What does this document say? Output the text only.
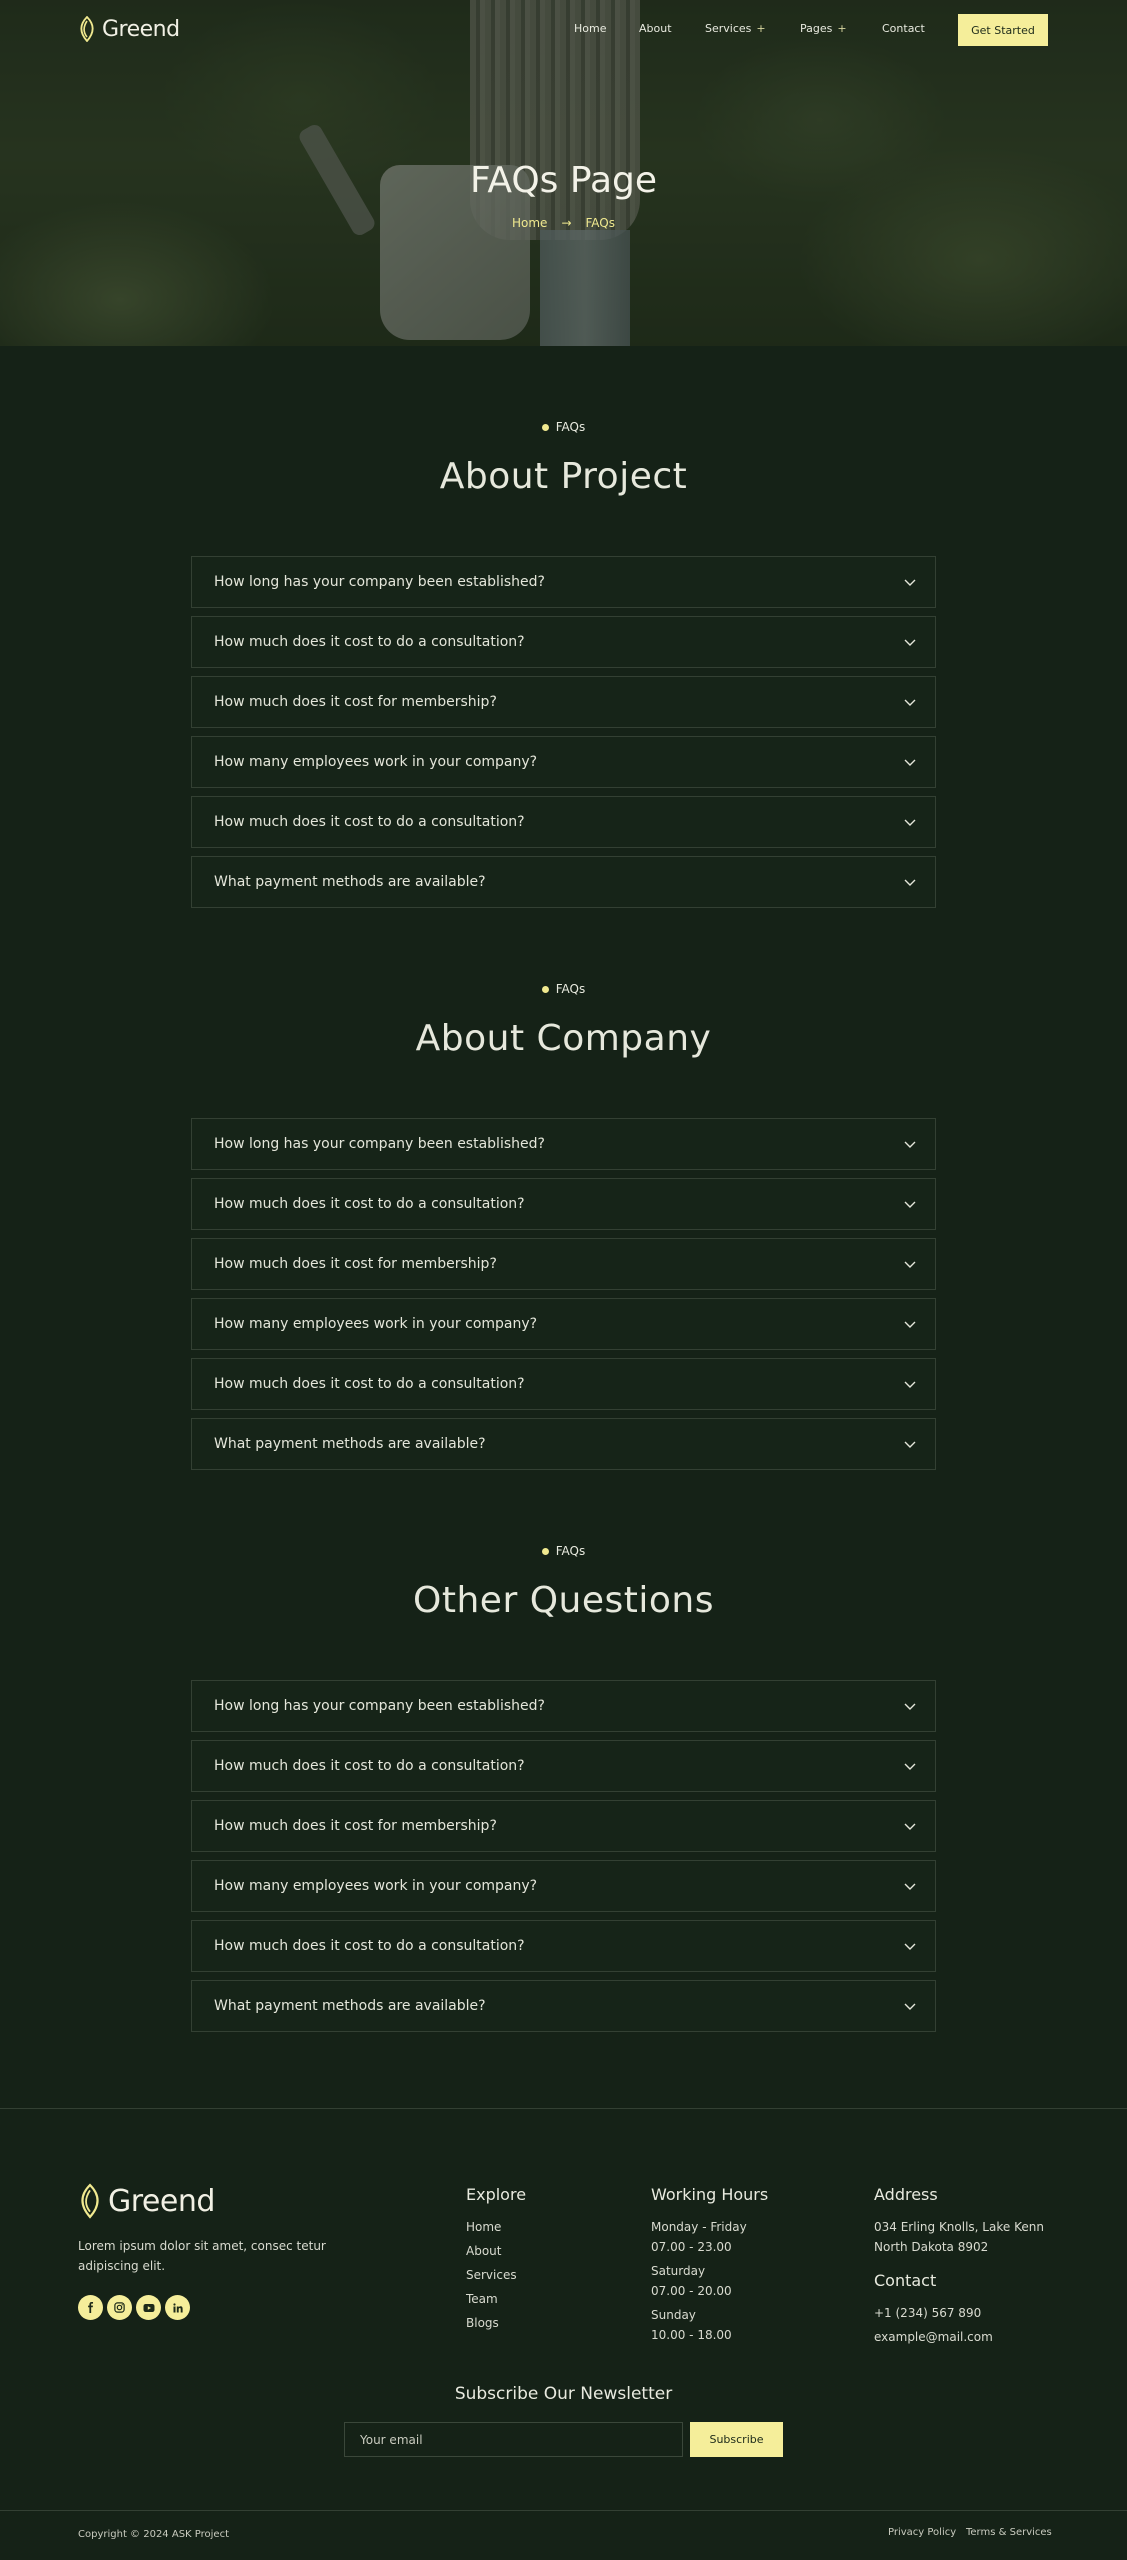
Greend	Home	About	Services +	Pages +	Contact	Get Started
FAQs Page
Home → FAQs
FAQs
About Project
How long has your company been established?
How much does it cost to do a consultation?
How much does it cost for membership?
How many employees work in your company?
How much does it cost to do a consultation?
What payment methods are available?
FAQs
About Company
How long has your company been established?
How much does it cost to do a consultation?
How much does it cost for membership?
How many employees work in your company?
How much does it cost to do a consultation?
What payment methods are available?
FAQs
Other Questions
How long has your company been established?
How much does it cost to do a consultation?
How much does it cost for membership?
How many employees work in your company?
How much does it cost to do a consultation?
What payment methods are available?
Greend

Lorem ipsum dolor sit amet, consec tetur adipiscing elit.

Explore
Home
About
Services
Team
Blogs
Working Hours
Monday - Friday
07.00 - 23.00
Saturday
07.00 - 20.00
Sunday
10.00 - 18.00
Address
034 Erling Knolls, Lake Kenn
North Dakota 8902
Contact
+1 (234) 567 890
example@mail.com
Subscribe Our Newsletter
Your email
Subscribe
Copyright © 2024 ASK Project	Privacy Policy Terms & Services
